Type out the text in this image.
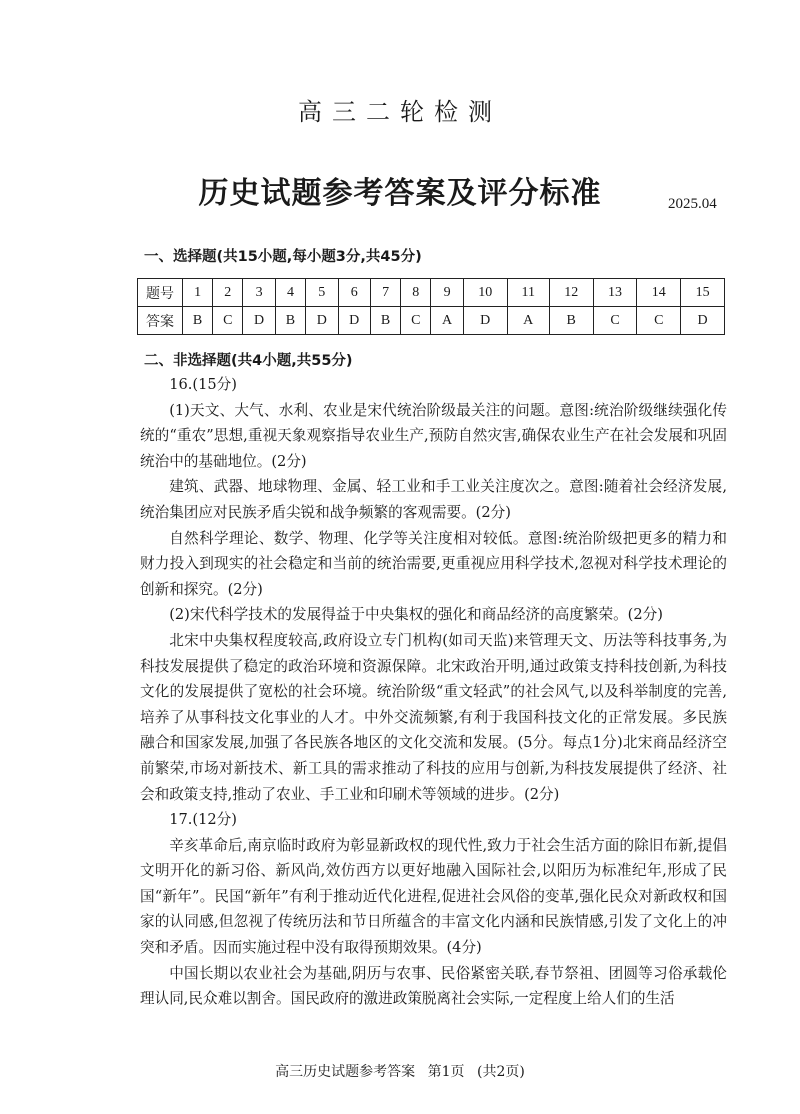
高三二轮检测
历史试题参考答案及评分标准	2025.04
一、选择题(共15小题,每小题3分,共45分)
题号	1	2	3	4	5	6	7	8	9	10	11	12	13	14	15
答案	B	C	D	B	D	D	B	C	A	D	A	B	C	C	D
二、非选择题(共4小题,共55分)

16.(15分)

(1)天文、大气、水利、农业是宋代统治阶级最关注的问题。意图:统治阶级继续强化传统的“重农”思想,重视天象观察指导农业生产,预防自然灾害,确保农业生产在社会发展和巩固统治中的基础地位。(2分)

建筑、武器、地球物理、金属、轻工业和手工业关注度次之。意图:随着社会经济发展,统治集团应对民族矛盾尖锐和战争频繁的客观需要。(2分)

自然科学理论、数学、物理、化学等关注度相对较低。意图:统治阶级把更多的精力和财力投入到现实的社会稳定和当前的统治需要,更重视应用科学技术,忽视对科学技术理论的创新和探究。(2分)

(2)宋代科学技术的发展得益于中央集权的强化和商品经济的高度繁荣。(2分)

北宋中央集权程度较高,政府设立专门机构(如司天监)来管理天文、历法等科技事务,为科技发展提供了稳定的政治环境和资源保障。北宋政治开明,通过政策支持科技创新,为科技文化的发展提供了宽松的社会环境。统治阶级“重文轻武”的社会风气,以及科举制度的完善,培养了从事科技文化事业的人才。中外交流频繁,有利于我国科技文化的正常发展。多民族融合和国家发展,加强了各民族各地区的文化交流和发展。(5分。每点1分)北宋商品经济空前繁荣,市场对新技术、新工具的需求推动了科技的应用与创新,为科技发展提供了经济、社会和政策支持,推动了农业、手工业和印刷术等领域的进步。(2分)

17.(12分)

辛亥革命后,南京临时政府为彰显新政权的现代性,致力于社会生活方面的除旧布新,提倡文明开化的新习俗、新风尚,效仿西方以更好地融入国际社会,以阳历为标准纪年,形成了民国“新年”。民国“新年”有利于推动近代化进程,促进社会风俗的变革,强化民众对新政权和国家的认同感,但忽视了传统历法和节日所蕴含的丰富文化内涵和民族情感,引发了文化上的冲突和矛盾。因而实施过程中没有取得预期效果。(4分)

中国长期以农业社会为基础,阴历与农事、民俗紧密关联,春节祭祖、团圆等习俗承载伦理认同,民众难以割舍。国民政府的激进政策脱离社会实际,一定程度上给人们的生活

高三历史试题参考答案 第1页 (共2页)
